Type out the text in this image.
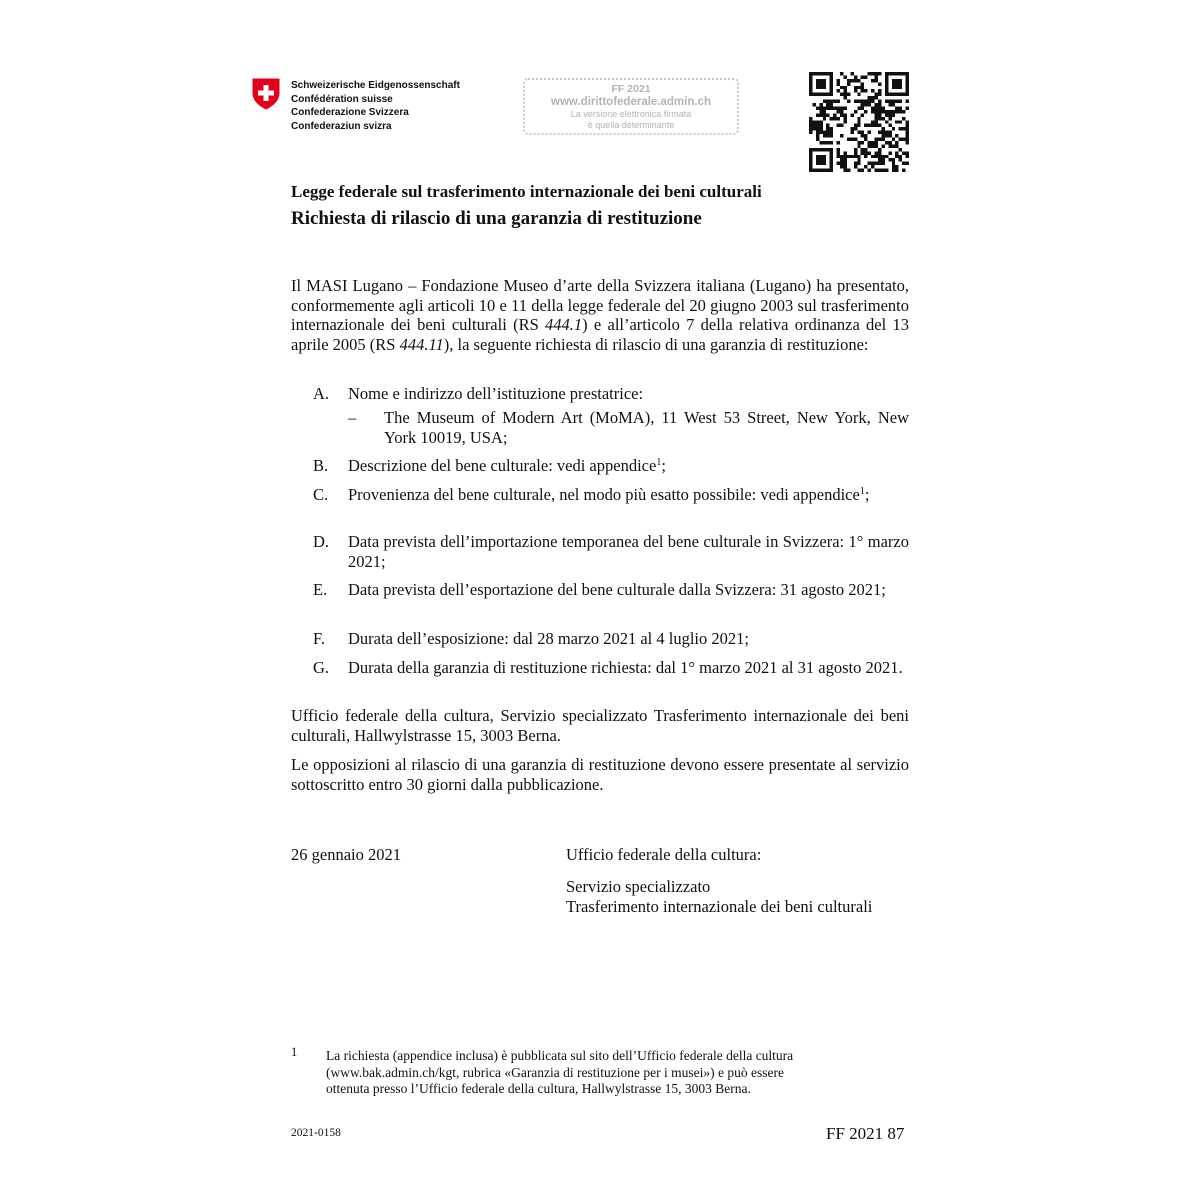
Schweizerische Eidgenossenschaft
Confédération suisse
Confederazione Svizzera
Confederaziun svizra
FF 2021
www.dirittofederale.admin.ch
La versione elettronica firmata
è quella determinante
Legge federale sul trasferimento internazionale dei beni culturali
Richiesta di rilascio di una garanzia di restituzione

Il MASI Lugano – Fondazione Museo d’arte della Svizzera italiana (Lugano) ha presentato, conformemente agli articoli 10 e 11 della legge federale del 20 giugno 2003 sul trasferimento internazionale dei beni culturali (RS 444.1) e all’articolo 7 della relativa ordinanza del 13 aprile 2005 (RS 444.11), la seguente richiesta di rilascio di una garanzia di restituzione:

A. Nome e indirizzo dell’istituzione prestatrice:
– The Museum of Modern Art (MoMA), 11 West 53 Street, New York, New York 10019, USA;
B. Descrizione del bene culturale: vedi appendice$^1$;
C. Provenienza del bene culturale, nel modo più esatto possibile: vedi appendice$^1$;
D. Data prevista dell’importazione temporanea del bene culturale in Svizzera: 1° marzo 2021;
E. Data prevista dell’esportazione del bene culturale dalla Svizzera: 31 agosto 2021;
F. Durata dell’esposizione: dal 28 marzo 2021 al 4 luglio 2021;
G. Durata della garanzia di restituzione richiesta: dal 1° marzo 2021 al 31 agosto 2021.
Ufficio federale della cultura, Servizio specializzato Trasferimento internazionale dei beni culturali, Hallwylstrasse 15, 3003 Berna.
Le opposizioni al rilascio di una garanzia di restituzione devono essere presentate al servizio sottoscritto entro 30 giorni dalla pubblicazione.
26 gennaio 2021	Ufficio federale della cultura:
Servizio specializzato
Trasferimento internazionale dei beni culturali
1 La richiesta (appendice inclusa) è pubblicata sul sito dell’Ufficio federale della cultura
(www.bak.admin.ch/kgt, rubrica «Garanzia di restituzione per i musei») e può essere
ottenuta presso l’Ufficio federale della cultura, Hallwylstrasse 15, 3003 Berna.
2021-0158	FF 2021 87
